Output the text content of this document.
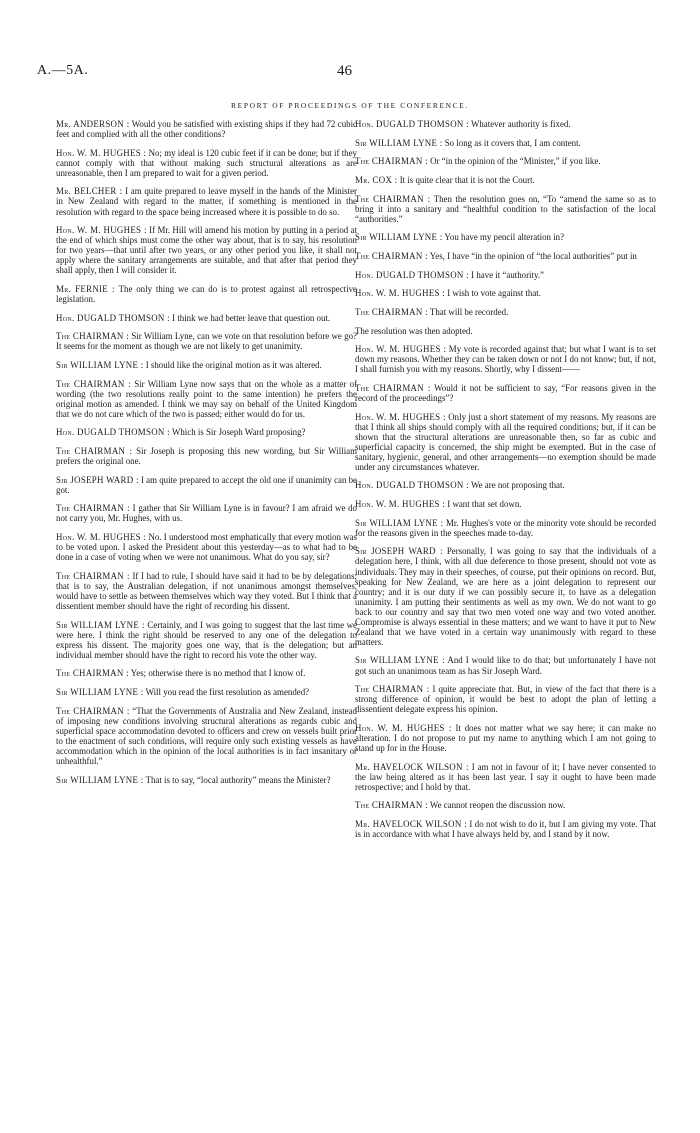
A.—5A.	46
REPORT OF PROCEEDINGS OF THE CONFERENCE.

Mr. ANDERSON : Would you be satisfied with existing ships if they had 72 cubic feet and complied with all the other conditions?

Hon. W. M. HUGHES : No; my ideal is 120 cubic feet if it can be done; but if they cannot comply with that without making such structural alterations as are unreasonable, then I am prepared to wait for a given period.

Mr. BELCHER : I am quite prepared to leave myself in the hands of the Minister in New Zealand with regard to the matter, if something is mentioned in the resolution with regard to the space being increased where it is possible to do so.

Hon. W. M. HUGHES : If Mr. Hill will amend his motion by putting in a period at the end of which ships must come the other way about, that is to say, his resolution for two years—that until after two years, or any other period you like, it shall not apply where the sanitary arrangements are suitable, and that after that period they shall apply, then I will consider it.

Mr. FERNIE : The only thing we can do is to protest against all retrospective legislation.

Hon. DUGALD THOMSON : I think we had better leave that question out.

The CHAIRMAN : Sir William Lyne, can we vote on that resolution before we go? It seems for the moment as though we are not likely to get unanimity.

Sir WILLIAM LYNE : I should like the original motion as it was altered.

The CHAIRMAN : Sir William Lyne now says that on the whole as a matter of wording (the two resolutions really point to the same intention) he prefers the original motion as amended. I think we may say on behalf of the United Kingdom that we do not care which of the two is passed; either would do for us.

Hon. DUGALD THOMSON : Which is Sir Joseph Ward proposing?

The CHAIRMAN : Sir Joseph is proposing this new wording, but Sir William prefers the original one.

Sir JOSEPH WARD : I am quite prepared to accept the old one if unanimity can be got.

The CHAIRMAN : I gather that Sir William Lyne is in favour? I am afraid we do not carry you, Mr. Hughes, with us.

Hon. W. M. HUGHES : No. I understood most emphatically that every motion was to be voted upon. I asked the President about this yesterday—as to what had to be done in a case of voting when we were not unanimous. What do you say, sir?

The CHAIRMAN : If I had to rule, I should have said it had to be by delegations; that is to say, the Australian delegation, if not unanimous amongst themselves, would have to settle as between themselves which way they voted. But I think that a dissentient member should have the right of recording his dissent.

Sir WILLIAM LYNE : Certainly, and I was going to suggest that the last time we were here. I think the right should be reserved to any one of the delegation to express his dissent. The majority goes one way, that is the delegation; but an individual member should have the right to record his vote the other way.

The CHAIRMAN : Yes; otherwise there is no method that I know of.

Sir WILLIAM LYNE : Will you read the first resolution as amended?

The CHAIRMAN : “That the Governments of Australia and New Zealand, instead of imposing new conditions involving structural alterations as regards cubic and superficial space accommodation devoted to officers and crew on vessels built prior to the enactment of such conditions, will require only such existing vessels as have accommodation which in the opinion of the local authorities is in fact insanitary or unhealthful.”

Sir WILLIAM LYNE : That is to say, “local authority” means the Minister?

Hon. DUGALD THOMSON : Whatever authority is fixed.

Sir WILLIAM LYNE : So long as it covers that, I am content.

The CHAIRMAN : Or “in the opinion of the “Minister,” if you like.

Mr. COX : It is quite clear that it is not the Court.

The CHAIRMAN : Then the resolution goes on, “To “amend the same so as to bring it into a sanitary and “healthful condition to the satisfaction of the local “authorities.”

Sir WILLIAM LYNE : You have my pencil alteration in?

The CHAIRMAN : Yes, I have “in the opinion of “the local authorities” put in

Hon. DUGALD THOMSON : I have it “authority.”

Hon. W. M. HUGHES : I wish to vote against that.

The CHAIRMAN : That will be recorded.

The resolution was then adopted.

Hon. W. M. HUGHES : My vote is recorded against that; but what I want is to set down my reasons. Whether they can be taken down or not I do not know; but, if not, I shall furnish you with my reasons. Shortly, why I dissent——

The CHAIRMAN : Would it not be sufficient to say, “For reasons given in the record of the proceedings”?

Hon. W. M. HUGHES : Only just a short statement of my reasons. My reasons are that I think all ships should comply with all the required conditions; but, if it can be shown that the structural alterations are unreasonable then, so far as cubic and superficial capacity is concerned, the ship might be exempted. But in the case of sanitary, hygienic, general, and other arrangements—no exemption should be made under any circumstances whatever.

Hon. DUGALD THOMSON : We are not proposing that.

Hon. W. M. HUGHES : I want that set down.

Sir WILLIAM LYNE : Mr. Hughes's vote or the minority vote should be recorded for the reasons given in the speeches made to-day.

Sir JOSEPH WARD : Personally, I was going to say that the individuals of a delegation here, I think, with all due deference to those present, should not vote as individuals. They may in their speeches, of course, put their opinions on record. But, speaking for New Zealand, we are here as a joint delegation to represent our country; and it is our duty if we can possibly secure it, to have as a delegation unanimity. I am putting their sentiments as well as my own. We do not want to go back to our country and say that two men voted one way and two voted another. Compromise is always essential in these matters; and we want to have it put to New Zealand that we have voted in a certain way unanimously with regard to these matters.

Sir WILLIAM LYNE : And I would like to do that; but unfortunately I have not got such an unanimous team as has Sir Joseph Ward.

The CHAIRMAN : I quite appreciate that. But, in view of the fact that there is a strong difference of opinion, it would be best to adopt the plan of letting a dissentient delegate express his opinion.

Hon. W. M. HUGHES : It does not matter what we say here; it can make no alteration. I do not propose to put my name to anything which I am not going to stand up for in the House.

Mr. HAVELOCK WILSON : I am not in favour of it; I have never consented to the law being altered as it has been last year. I say it ought to have been made retrospective; and I hold by that.

The CHAIRMAN : We cannot reopen the discussion now.

Mr. HAVELOCK WILSON : I do not wish to do it, but I am giving my vote. That is in accordance with what I have always held by, and I stand by it now.
